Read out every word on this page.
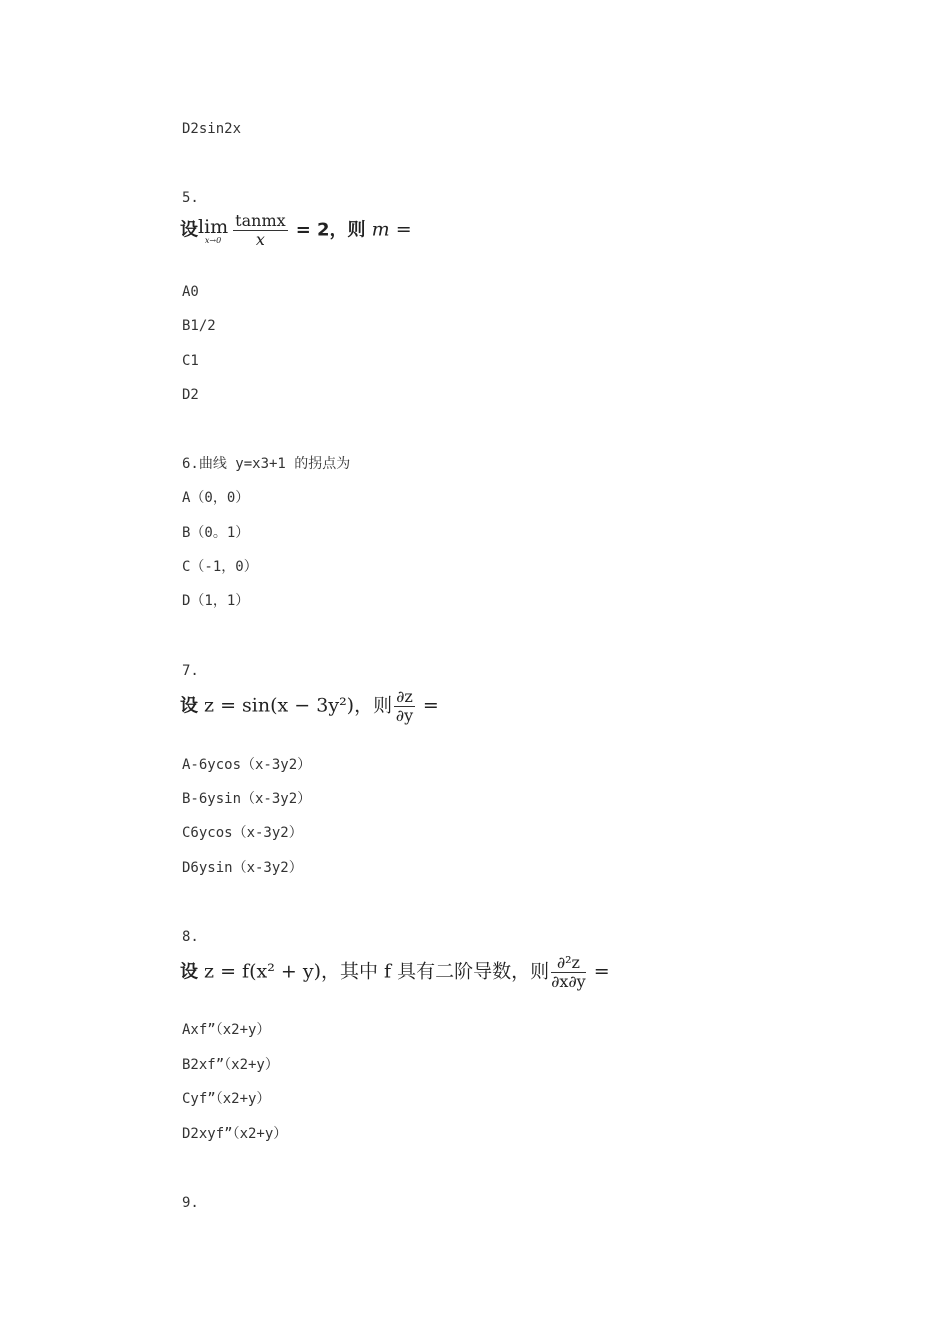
D2sin2x
5.
设 lim
$x\to 0 \frac{\text{tanmx}}{x} = 2$，则 m =
A0
B1/2
C1
D2
6.曲线 y=x3+1 的拐点为
A（0，0）
B（0。1）
C（-1，0）
D（1，1）
7.
设 z = sin(x − 3y²)，则 $\frac{\partial z}{\partial y}$ =
A-6ycos（x-3y2）
B-6ysin（x-3y2）
C6ycos（x-3y2）
D6ysin（x-3y2）
8.
设 z = f(x² + y)，其中 f 具有二阶导数，则 $\frac{\text{∂²z}}{\partial x\partial y}$ =
Axf”（x2+y）
B2xf”（x2+y）
Cyf”（x2+y）
D2xyf”（x2+y）
9.
